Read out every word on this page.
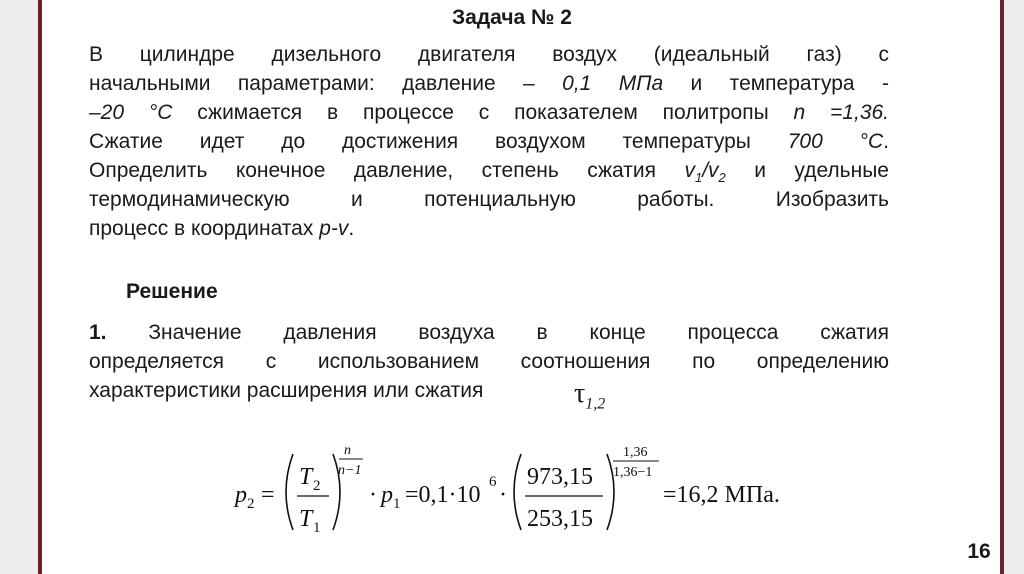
Задача № 2
В цилиндре дизельного двигателя воздух (идеальный газ) с
начальными параметрами: давление – 0,1 МПа и температура -
–20 °С сжимается в процессе с показателем политропы n =1,36.
Сжатие идет до достижения воздухом температуры 700 °С.
Определить конечное давление, степень сжатия $v_1/v_2$ и удельные
термодинамическую и потенциальную работы. Изобразить
процесс в координатах p-v.
Решение
1. Значение давления воздуха в конце процесса сжатия
определяется с использованием соотношения по определению
характеристики расширения или сжатия	$\tau_{1,2}$
p 2 =
T 2
T 1
n
n−1
· p 1 =0,1·10 6 ·
973,15
253,15
1,36
1,36−1
=16,2 МПа.
16
